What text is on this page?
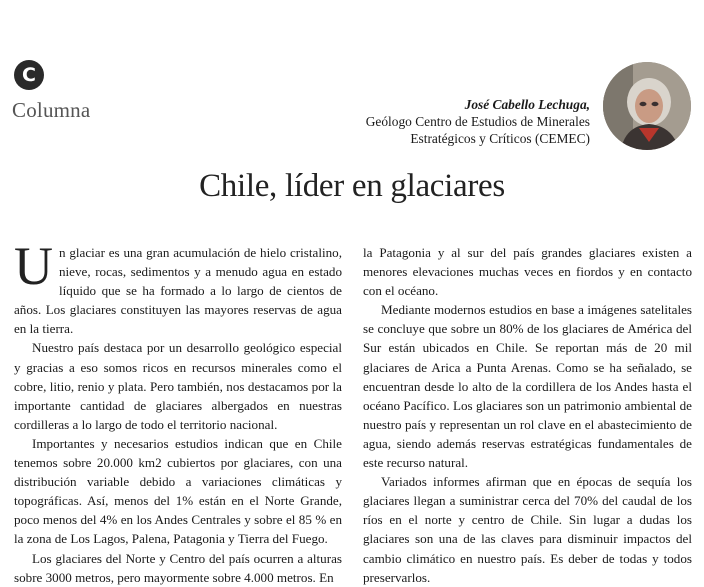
C
Columna	José Cabello Lechuga,
Geólogo Centro de Estudios de Minerales
Estratégicos y Críticos (CEMEC)
Chile, líder en glaciares

Un glaciar es una gran acumulación de hielo cristalino, nieve, rocas, sedimentos y a menudo agua en estado líquido que se ha formado a lo largo de cientos de años. Los glaciares constituyen las mayores reservas de agua en la tierra.

Nuestro país destaca por un desarrollo geológico especial y gracias a eso somos ricos en recursos minerales como el cobre, litio, renio y plata. Pero también, nos destacamos por la importante cantidad de glaciares albergados en nuestras cordilleras a lo largo de todo el territorio nacional.

Importantes y necesarios estudios indican que en Chile tenemos sobre 20.000 km2 cubiertos por glaciares, con una distribución variable debido a variaciones climáticas y topográficas. Así, menos del 1% están en el Norte Grande, poco menos del 4% en los Andes Centrales y sobre el 85 % en la zona de Los Lagos, Palena, Patagonia y Tierra del Fuego.

Los glaciares del Norte y Centro del país ocurren a alturas sobre 3000 metros, pero mayormente sobre 4.000 metros. En

la Patagonia y al sur del país grandes glaciares existen a menores elevaciones muchas veces en fiordos y en contacto con el océano.

Mediante modernos estudios en base a imágenes satelitales se concluye que sobre un 80% de los glaciares de América del Sur están ubicados en Chile. Se reportan más de 20 mil glaciares de Arica a Punta Arenas. Como se ha señalado, se encuentran desde lo alto de la cordillera de los Andes hasta el océano Pacífico. Los glaciares son un patrimonio ambiental de nuestro país y representan un rol clave en el abastecimiento de agua, siendo además reservas estratégicas fundamentales de este recurso natural.

Variados informes afirman que en épocas de sequía los glaciares llegan a suministrar cerca del 70% del caudal de los ríos en el norte y centro de Chile. Sin lugar a dudas los glaciares son una de las claves para disminuir impactos del cambio climático en nuestro país. Es deber de todas y todos preservarlos.
